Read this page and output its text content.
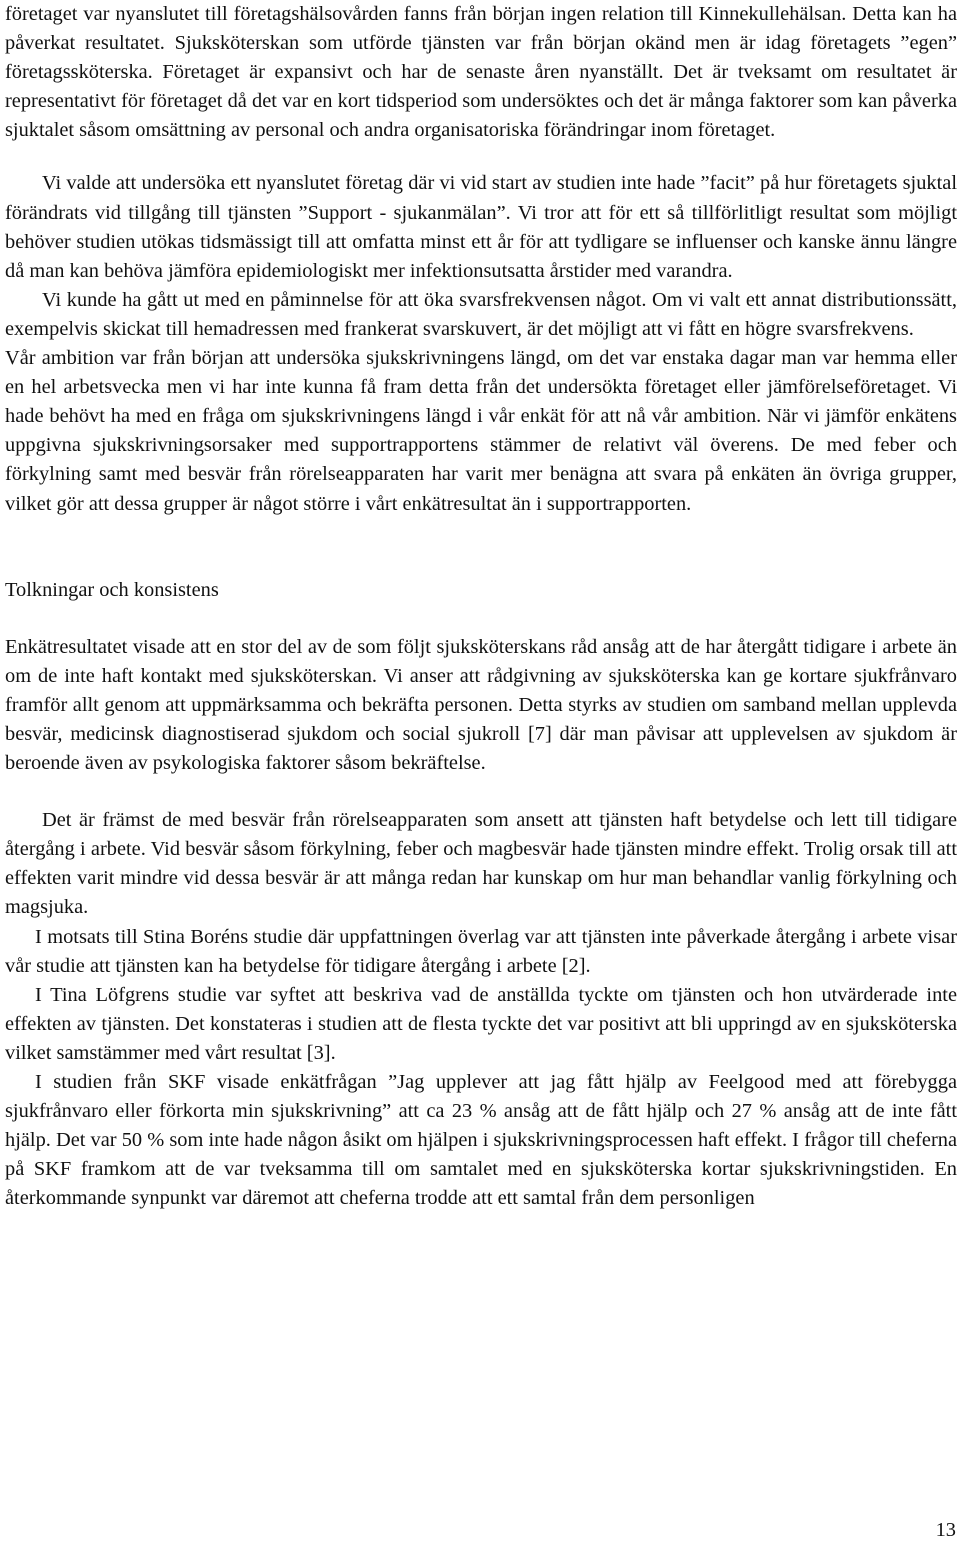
företaget var nyanslutet till företagshälsovården fanns från början ingen relation till Kinnekullehälsan. Detta kan ha påverkat resultatet. Sjuksköterskan som utförde tjänsten var från början okänd men är idag företagets ”egen” företagssköterska. Företaget är expansivt och har de senaste åren nyanställt. Det är tveksamt om resultatet är representativt för företaget då det var en kort tidsperiod som undersöktes och det är många faktorer som kan påverka sjuktalet såsom omsättning av personal och andra organisatoriska förändringar inom företaget.

Vi valde att undersöka ett nyanslutet företag där vi vid start av studien inte hade ”facit” på hur företagets sjuktal förändrats vid tillgång till tjänsten ”Support - sjukanmälan”. Vi tror att för ett så tillförlitligt resultat som möjligt behöver studien utökas tidsmässigt till att omfatta minst ett år för att tydligare se influenser och kanske ännu längre då man kan behöva jämföra epidemiologiskt mer infektionsutsatta årstider med varandra.

Vi kunde ha gått ut med en påminnelse för att öka svarsfrekvensen något. Om vi valt ett annat distributionssätt, exempelvis skickat till hemadressen med frankerat svarskuvert, är det möjligt att vi fått en högre svarsfrekvens.

Vår ambition var från början att undersöka sjukskrivningens längd, om det var enstaka dagar man var hemma eller en hel arbetsvecka men vi har inte kunna få fram detta från det undersökta företaget eller jämförelseföretaget. Vi hade behövt ha med en fråga om sjukskrivningens längd i vår enkät för att nå vår ambition. När vi jämför enkätens uppgivna sjukskrivningsorsaker med supportrapportens stämmer de relativt väl överens. De med feber och förkylning samt med besvär från rörelseapparaten har varit mer benägna att svara på enkäten än övriga grupper, vilket gör att dessa grupper är något större i vårt enkätresultat än i supportrapporten.

Tolkningar och konsistens

Enkätresultatet visade att en stor del av de som följt sjuksköterskans råd ansåg att de har återgått tidigare i arbete än om de inte haft kontakt med sjuksköterskan. Vi anser att rådgivning av sjuksköterska kan ge kortare sjukfrånvaro framför allt genom att uppmärksamma och bekräfta personen. Detta styrks av studien om samband mellan upplevda besvär, medicinsk diagnostiserad sjukdom och social sjukroll [7] där man påvisar att upplevelsen av sjukdom är beroende även av psykologiska faktorer såsom bekräftelse.

Det är främst de med besvär från rörelseapparaten som ansett att tjänsten haft betydelse och lett till tidigare återgång i arbete. Vid besvär såsom förkylning, feber och magbesvär hade tjänsten mindre effekt. Trolig orsak till att effekten varit mindre vid dessa besvär är att många redan har kunskap om hur man behandlar vanlig förkylning och magsjuka.

I motsats till Stina Boréns studie där uppfattningen överlag var att tjänsten inte påverkade återgång i arbete visar vår studie att tjänsten kan ha betydelse för tidigare återgång i arbete [2].

I Tina Löfgrens studie var syftet att beskriva vad de anställda tyckte om tjänsten och hon utvärderade inte effekten av tjänsten. Det konstateras i studien att de flesta tyckte det var positivt att bli uppringd av en sjuksköterska vilket samstämmer med vårt resultat [3].

I studien från SKF visade enkätfrågan ”Jag upplever att jag fått hjälp av Feelgood med att förebygga sjukfrånvaro eller förkorta min sjukskrivning” att ca 23 % ansåg att de fått hjälp och 27 % ansåg att de inte fått hjälp. Det var 50 % som inte hade någon åsikt om hjälpen i sjukskrivningsprocessen haft effekt. I frågor till cheferna på SKF framkom att de var tveksamma till om samtalet med en sjuksköterska kortar sjukskrivningstiden. En återkommande synpunkt var däremot att cheferna trodde att ett samtal från dem personligen

13
